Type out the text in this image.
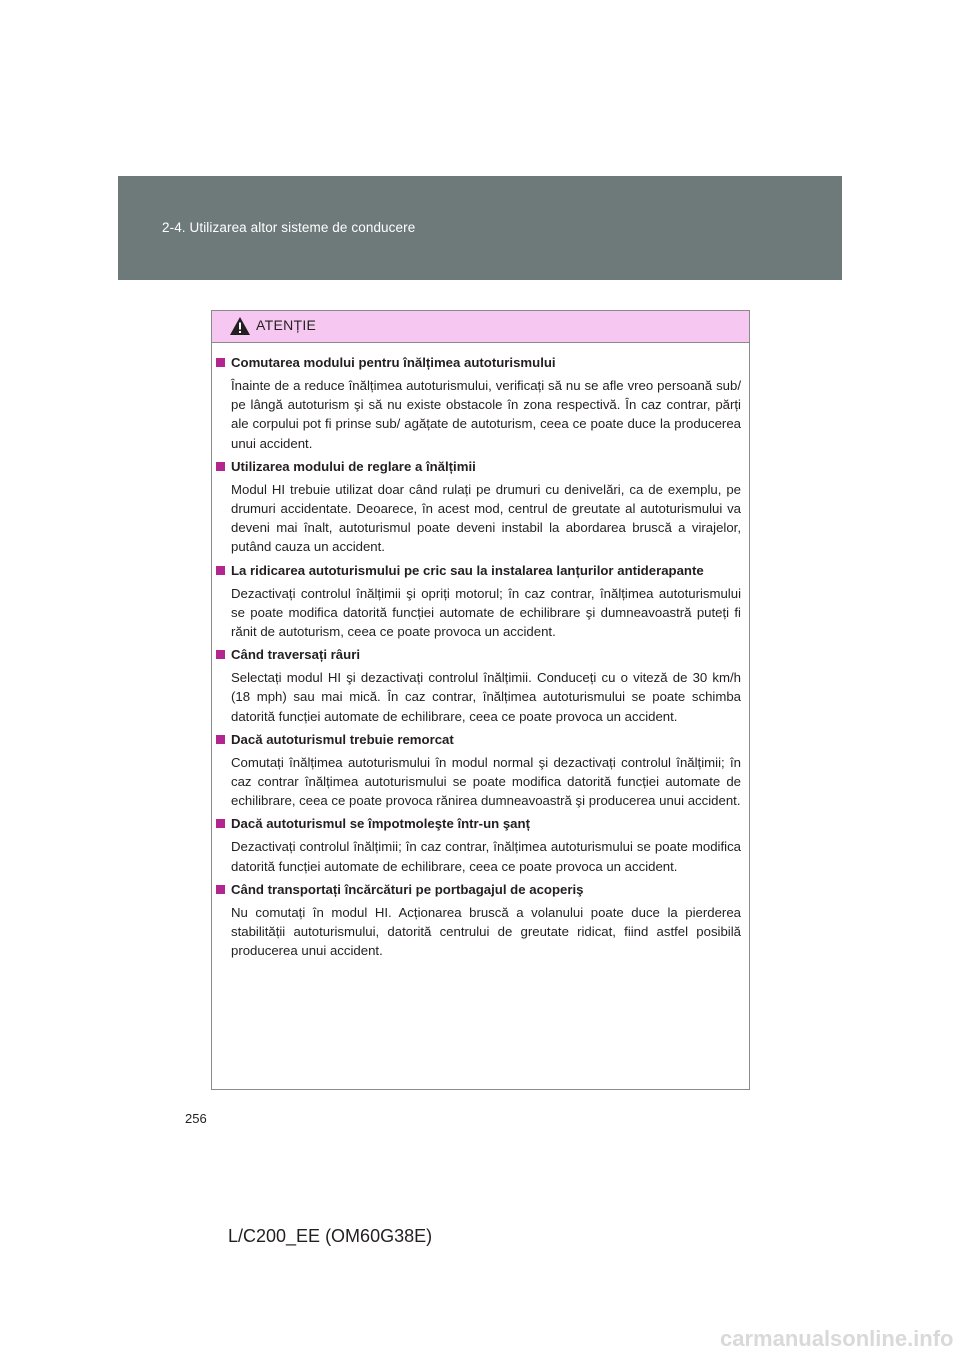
2-4. Utilizarea altor sisteme de conducere
ATENȚIE
Comutarea modului pentru înălțimea autoturismului
Înainte de a reduce înălțimea autoturismului, verificați să nu se afle vreo persoană sub/ pe lângă autoturism şi să nu existe obstacole în zona respectivă. În caz contrar, părți ale corpului pot fi prinse sub/ agățate de autoturism, ceea ce poate duce la producerea unui accident.
Utilizarea modului de reglare a înălțimii
Modul HI trebuie utilizat doar când rulați pe drumuri cu denivelări, ca de exemplu, pe drumuri accidentate. Deoarece, în acest mod, centrul de greutate al autoturismului va deveni mai înalt, autoturismul poate deveni instabil la abordarea bruscă a virajelor, putând cauza un accident.
La ridicarea autoturismului pe cric sau la instalarea lanțurilor antiderapante
Dezactivați controlul înălțimii şi opriți motorul; în caz contrar, înălțimea autoturismului se poate modifica datorită funcției automate de echilibrare şi dumneavoastră puteți fi rănit de autoturism, ceea ce poate provoca un accident.
Când traversați râuri
Selectați modul HI şi dezactivați controlul înălțimii. Conduceți cu o viteză de 30 km/h (18 mph) sau mai mică. În caz contrar, înălțimea autoturismului se poate schimba datorită funcției automate de echilibrare, ceea ce poate provoca un accident.
Dacă autoturismul trebuie remorcat
Comutați înălțimea autoturismului în modul normal şi dezactivați controlul înălțimii; în caz contrar înălțimea autoturismului se poate modifica datorită funcției automate de echilibrare, ceea ce poate provoca rănirea dumneavoastră şi producerea unui accident.
Dacă autoturismul se împotmoleşte într-un şanț
Dezactivați controlul înălțimii; în caz contrar, înălțimea autoturismului se poate modifica datorită funcției automate de echilibrare, ceea ce poate provoca un accident.
Când transportați încărcături pe portbagajul de acoperiş
Nu comutați în modul HI. Acționarea bruscă a volanului poate duce la pierderea stabilității autoturismului, datorită centrului de greutate ridicat, fiind astfel posibilă producerea unui accident.
256
L/C200_EE (OM60G38E)
carmanualsonline.info
